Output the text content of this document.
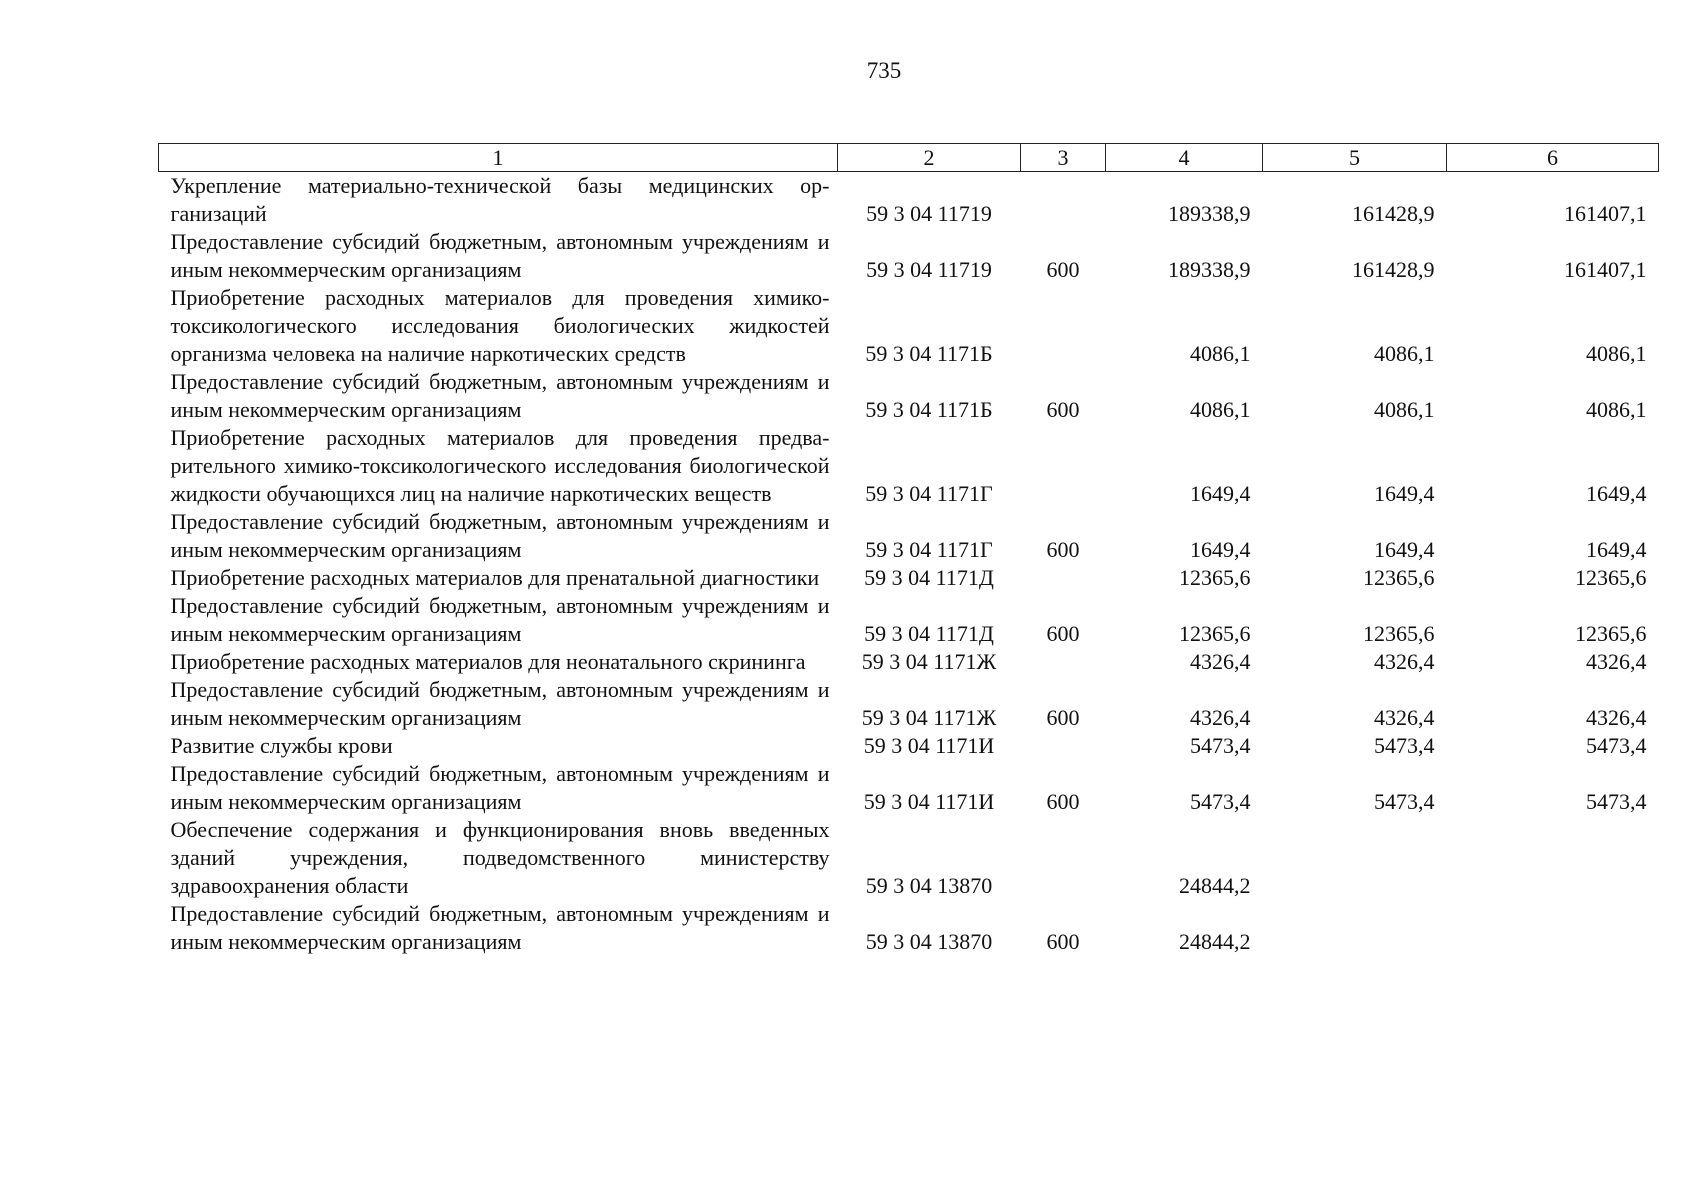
735
1	2	3	4	5	6
Укрепление материально-технической базы медицинских организаций	59 3 04 11719		189338,9	161428,9	161407,1
Предоставление субсидий бюджетным, автономным учреждениям и иным некоммерческим организациям	59 3 04 11719	600	189338,9	161428,9	161407,1
Приобретение расходных материалов для проведения химико-токсикологического исследования биологических жидкостей организма человека на наличие наркотических средств	59 3 04 1171Б		4086,1	4086,1	4086,1
Предоставление субсидий бюджетным, автономным учреждениям и иным некоммерческим организациям	59 3 04 1171Б	600	4086,1	4086,1	4086,1
Приобретение расходных материалов для проведения предварительного химико-токсикологического исследования биологической жидкости обучающихся лиц на наличие наркотических веществ	59 3 04 1171Г		1649,4	1649,4	1649,4
Предоставление субсидий бюджетным, автономным учреждениям и иным некоммерческим организациям	59 3 04 1171Г	600	1649,4	1649,4	1649,4
Приобретение расходных материалов для пренатальной диагностики	59 3 04 1171Д		12365,6	12365,6	12365,6
Предоставление субсидий бюджетным, автономным учреждениям и иным некоммерческим организациям	59 3 04 1171Д	600	12365,6	12365,6	12365,6
Приобретение расходных материалов для неонатального скрининга	59 3 04 1171Ж		4326,4	4326,4	4326,4
Предоставление субсидий бюджетным, автономным учреждениям и иным некоммерческим организациям	59 3 04 1171Ж	600	4326,4	4326,4	4326,4
Развитие службы крови	59 3 04 1171И		5473,4	5473,4	5473,4
Предоставление субсидий бюджетным, автономным учреждениям и иным некоммерческим организациям	59 3 04 1171И	600	5473,4	5473,4	5473,4
Обеспечение содержания и функционирования вновь введенных зданий учреждения, подведомственного министерству здравоохранения области	59 3 04 13870		24844,2		
Предоставление субсидий бюджетным, автономным учреждениям и иным некоммерческим организациям	59 3 04 13870	600	24844,2		
